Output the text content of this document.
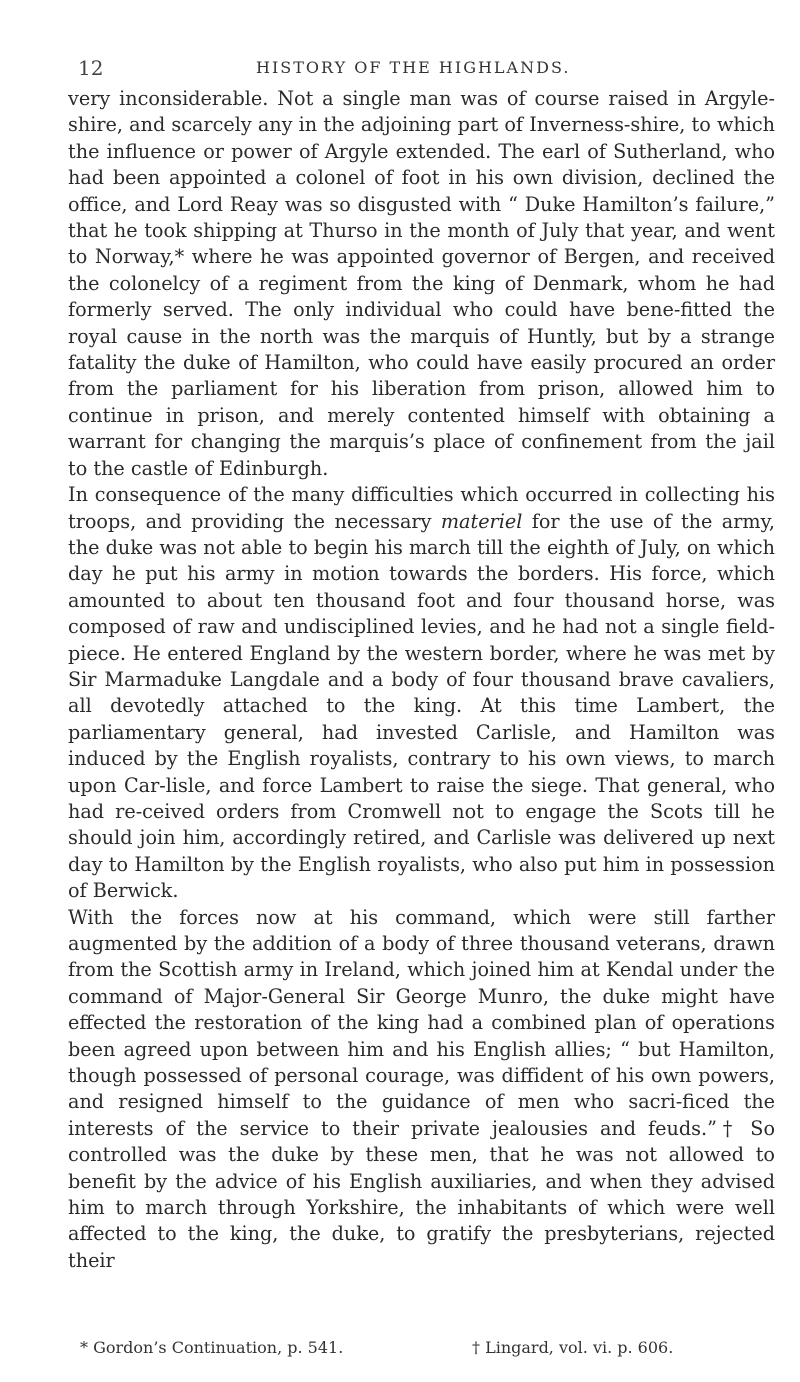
12	HISTORY OF THE HIGHLANDS.

very inconsiderable. Not a single man was of course raised in Argyle-shire, and scarcely any in the adjoining part of Inverness-shire, to which the influence or power of Argyle extended. The earl of Sutherland, who had been appointed a colonel of foot in his own division, declined the office, and Lord Reay was so disgusted with “ Duke Hamilton’s failure,” that he took shipping at Thurso in the month of July that year, and went to Norway,* where he was appointed governor of Bergen, and received the colonelcy of a regiment from the king of Denmark, whom he had formerly served. The only individual who could have bene-fitted the royal cause in the north was the marquis of Huntly, but by a strange fatality the duke of Hamilton, who could have easily procured an order from the parliament for his liberation from prison, allowed him to continue in prison, and merely contented himself with obtaining a warrant for changing the marquis’s place of confinement from the jail to the castle of Edinburgh.

In consequence of the many difficulties which occurred in collecting his troops, and providing the necessary materiel for the use of the army, the duke was not able to begin his march till the eighth of July, on which day he put his army in motion towards the borders. His force, which amounted to about ten thousand foot and four thousand horse, was composed of raw and undisciplined levies, and he had not a single field-piece. He entered England by the western border, where he was met by Sir Marmaduke Langdale and a body of four thousand brave cavaliers, all devotedly attached to the king. At this time Lambert, the parliamentary general, had invested Carlisle, and Hamilton was induced by the English royalists, contrary to his own views, to march upon Car-lisle, and force Lambert to raise the siege. That general, who had re-ceived orders from Cromwell not to engage the Scots till he should join him, accordingly retired, and Carlisle was delivered up next day to Hamilton by the English royalists, who also put him in possession of Berwick.

With the forces now at his command, which were still farther augmented by the addition of a body of three thousand veterans, drawn from the Scottish army in Ireland, which joined him at Kendal under the command of Major-General Sir George Munro, the duke might have effected the restoration of the king had a combined plan of operations been agreed upon between him and his English allies; “ but Hamilton, though possessed of personal courage, was diffident of his own powers, and resigned himself to the guidance of men who sacri-ficed the interests of the service to their private jealousies and feuds.”† So controlled was the duke by these men, that he was not allowed to benefit by the advice of his English auxiliaries, and when they advised him to march through Yorkshire, the inhabitants of which were well affected to the king, the duke, to gratify the presbyterians, rejected their

* Gordon’s Continuation, p. 541.	† Lingard, vol. vi. p. 606.
